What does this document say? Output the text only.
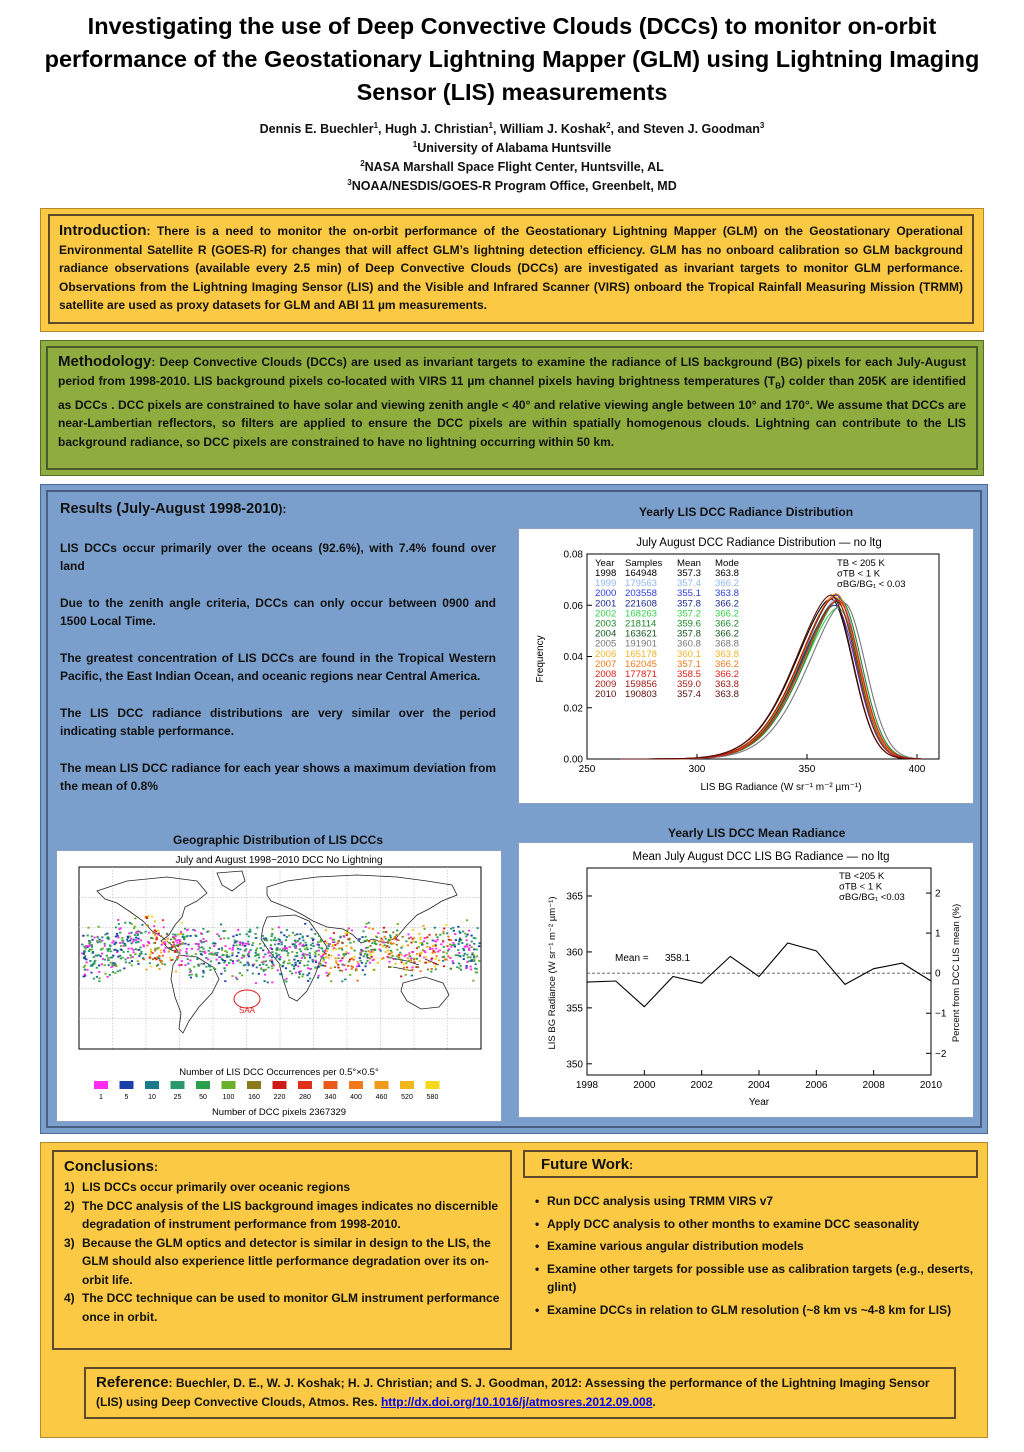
Investigating the use of Deep Convective Clouds (DCCs) to monitor on-orbit performance of the Geostationary Lightning Mapper (GLM) using Lightning Imaging Sensor (LIS) measurements
Dennis E. Buechler$^1$, Hugh J. Christian$^1$, William J. Koshak$^2$, and Steven J. Goodman$^3$
$^1$University of Alabama Huntsville
$^2$NASA Marshall Space Flight Center, Huntsville, AL
$^3$NOAA/NESDIS/GOES-R Program Office, Greenbelt, MD
Introduction: There is a need to monitor the on-orbit performance of the Geostationary Lightning Mapper (GLM) on the Geostationary Operational Environmental Satellite R (GOES-R) for changes that will affect GLM’s lightning detection efficiency. GLM has no onboard calibration so GLM background radiance observations (available every 2.5 min) of Deep Convective Clouds (DCCs) are investigated as invariant targets to monitor GLM performance. Observations from the Lightning Imaging Sensor (LIS) and the Visible and Infrared Scanner (VIRS) onboard the Tropical Rainfall Measuring Mission (TRMM) satellite are used as proxy datasets for GLM and ABI 11 µm measurements.
Methodology: Deep Convective Clouds (DCCs) are used as invariant targets to examine the radiance of LIS background (BG) pixels for each July-August period from 1998-2010. LIS background pixels co-located with VIRS 11 µm channel pixels having brightness temperatures $(T_B)$ colder than 205K are identified as DCCs . DCC pixels are constrained to have solar and viewing zenith angle < 40° and relative viewing angle between 10° and 170°. We assume that DCCs are near-Lambertian reflectors, so filters are applied to ensure the DCC pixels are within spatially homogenous clouds. Lightning can contribute to the LIS background radiance, so DCC pixels are constrained to have no lightning occurring within 50 km.
Results (July-August 1998-2010):
LIS DCCs occur primarily over the oceans (92.6%), with 7.4% found over land
Due to the zenith angle criteria, DCCs can only occur between 0900 and 1500 Local Time.
The greatest concentration of LIS DCCs are found in the Tropical Western Pacific, the East Indian Ocean, and oceanic regions near Central America.
The LIS DCC radiance distributions are very similar over the period indicating stable performance.
The mean LIS DCC radiance for each year shows a maximum deviation from the mean of 0.8%
Yearly LIS DCC Radiance Distribution
July August DCC Radiance Distribution — no ltg
250	300	350	400
0.00
0.02
0.04
0.06
0.08
Year Samples Mean Mode
1998 164948 357.3 363.8
1999 179563 357.4 366.2
2000 203558 355.1 363.8
2001 221608 357.8 366.2
2002 168263 357.2 366.2
2003 218114 359.6 366.2
2004 163621 357.8 366.2
2005 191901 360.8 368.8
2006 165178 360.1 363.8
2007 162045 357.1 366.2
2008 177871 358.5 366.2
2009 159856 359.0 363.8
2010 190803 357.4 363.8
TB < 205 K
σTB < 1 K
σBG/BG₁ < 0.03
Frequency
LIS BG Radiance (W sr⁻¹ m⁻² µm⁻¹)
Geographic Distribution of LIS DCCs
July and August 1998−2010 DCC No Lightning
SAA
Number of LIS DCC Occurrences per 0.5°×0.5°
1	5	10	25	50 100 160 220 280 340 400 460 520 580
Number of DCC pixels 2367329
Yearly LIS DCC Mean Radiance
Mean July August DCC LIS BG Radiance — no ltg
1998	2000	2002	2004	2006	2008	2010
350
355
360
365
−2
−1
0
1
2
Mean = 358.1
TB <205 K
σTB < 1 K
σBG/BG₁ <0.03
LIS BG Radiance (W sr⁻¹ m⁻² µm⁻¹)	Percent from DCC LIS mean (%)
Year
Conclusions:
1) LIS DCCs occur primarily over oceanic regions
2) The DCC analysis of the LIS background images indicates no discernible degradation of instrument performance from 1998-2010.
3) Because the GLM optics and detector is similar in design to the LIS, the GLM should also experience little performance degradation over its on-orbit life.
4) The DCC technique can be used to monitor GLM instrument performance once in orbit.
Future Work:
• Run DCC analysis using TRMM VIRS v7
• Apply DCC analysis to other months to examine DCC seasonality
• Examine various angular distribution models
• Examine other targets for possible use as calibration targets (e.g., deserts, glint)
• Examine DCCs in relation to GLM resolution (~8 km vs ~4-8 km for LIS)
Reference: Buechler, D. E., W. J. Koshak; H. J. Christian; and S. J. Goodman, 2012: Assessing the performance of the Lightning Imaging Sensor (LIS) using Deep Convective Clouds, Atmos. Res. http://dx.doi.org/10.1016/j/atmosres.2012.09.008.
